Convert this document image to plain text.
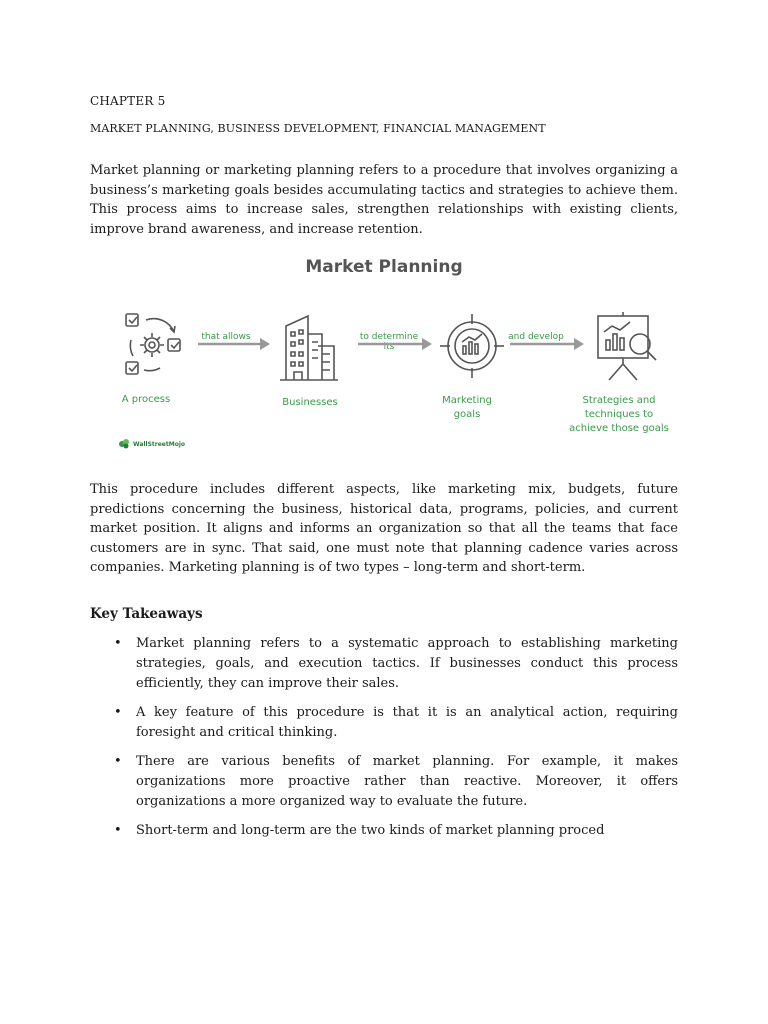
CHAPTER 5
MARKET PLANNING, BUSINESS DEVELOPMENT, FINANCIAL MANAGEMENT

Market planning or marketing planning refers to a procedure that involves organizing a business’s marketing goals besides accumulating tactics and strategies to achieve them. This process aims to increase sales, strengthen relationships with existing clients, improve brand awareness, and increase retention.

This procedure includes different aspects, like marketing mix, budgets, future predictions concerning the business, historical data, programs, policies, and current market position. It aligns and informs an organization so that all the teams that face customers are in sync. That said, one must note that planning cadence varies across companies. Marketing planning is of two types – long-term and short-term.

Key Takeaways
• Market planning refers to a systematic approach to establishing marketing strategies, goals, and execution tactics. If businesses conduct this process efficiently, they can improve their sales.
• A key feature of this procedure is that it is an analytical action, requiring foresight and critical thinking.
• There are various benefits of market planning. For example, it makes organizations more proactive rather than reactive. Moreover, it offers organizations a more organized way to evaluate the future.
• Short-term and long-term are the two kinds of market planning proced
Market Planning
A process
that allows
Businesses
to determine its
Marketing goals
and develop
Strategies and techniques to achieve those goals
WallStreetMojo
